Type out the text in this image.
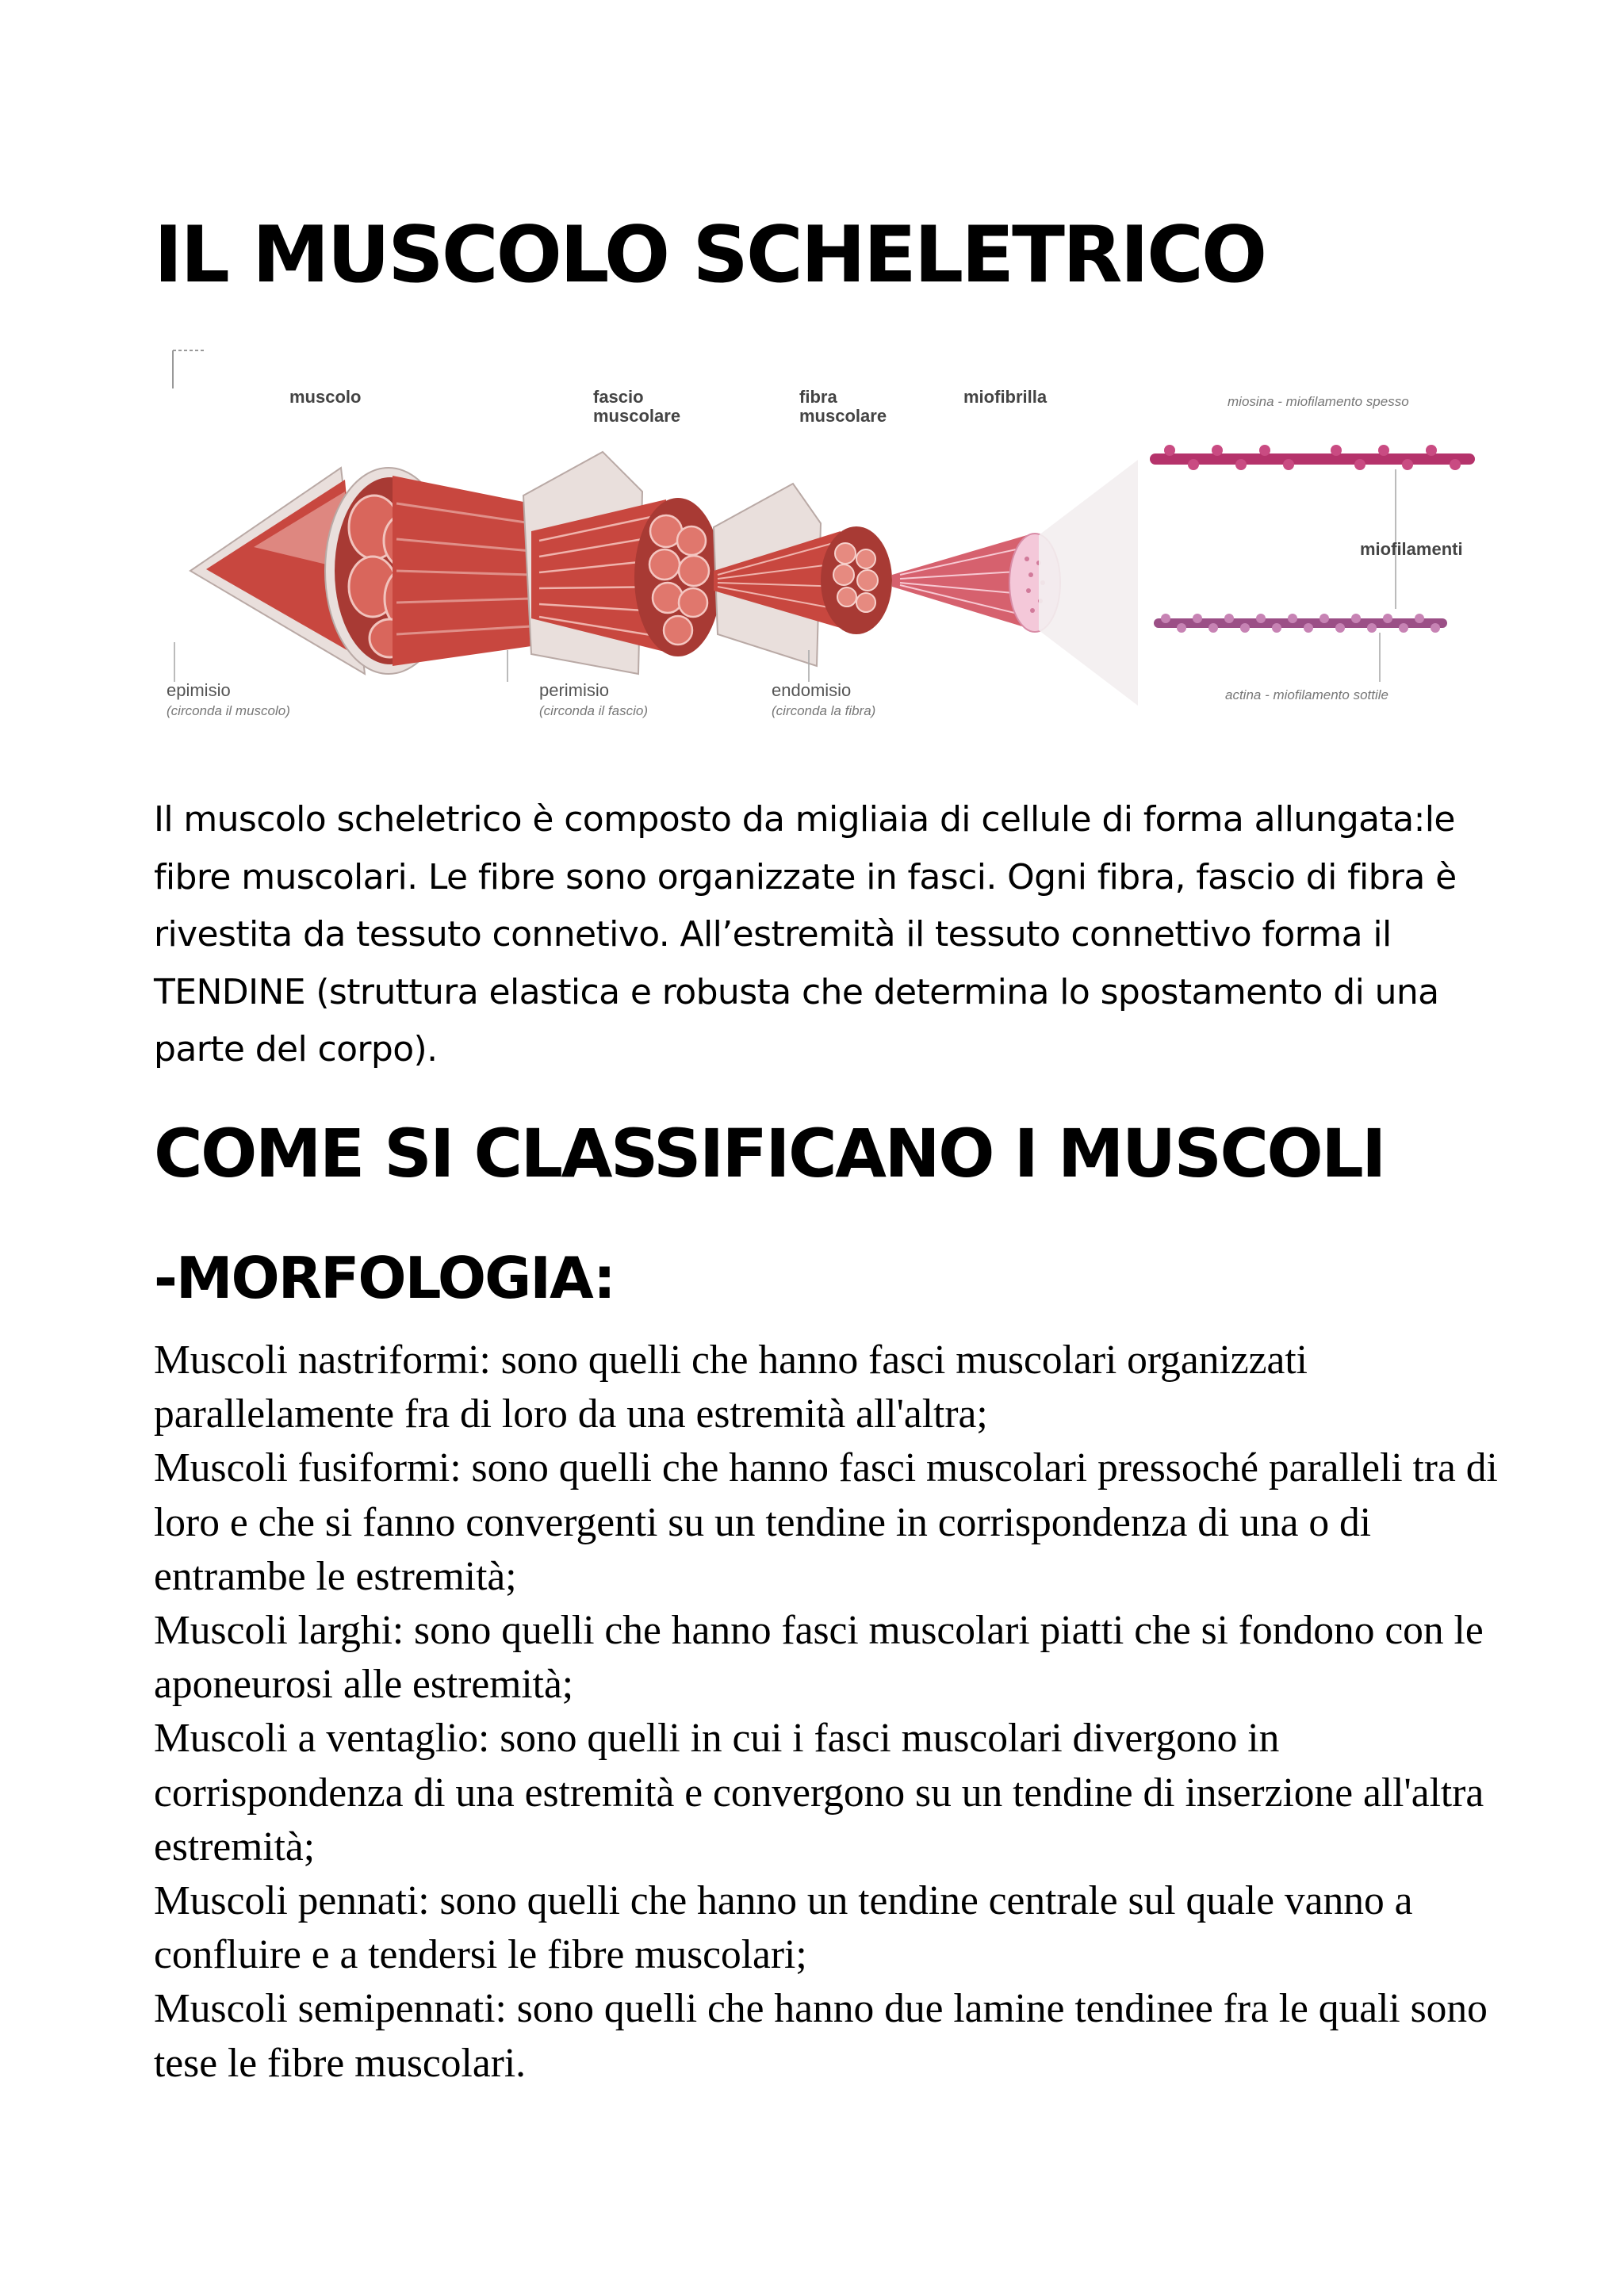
IL MUSCOLO SCHELETRICO
muscolo	fascio
muscolare
fibra
muscolare
miofibrilla	miosina - miofilamento spesso
miofilamenti
actina - miofilamento sottile
epimisio
(circonda il muscolo)
perimisio
(circonda il fascio)
endomisio
(circonda la fibra)

Il muscolo scheletrico è composto da migliaia di cellule di forma allungata:le fibre muscolari. Le fibre sono organizzate in fasci. Ogni fibra, fascio di fibra è rivestita da tessuto connetivo. All’estremità il tessuto connettivo forma il TENDINE (struttura elastica e robusta che determina lo spostamento di una parte del corpo).

COME SI CLASSIFICANO I MUSCOLI
-MORFOLOGIA:
Muscoli nastriformi: sono quelli che hanno fasci muscolari organizzati parallelamente fra di loro da una estremità all'altra;
Muscoli fusiformi: sono quelli che hanno fasci muscolari pressoché paralleli tra di loro e che si fanno convergenti su un tendine in corrispondenza di una o di entrambe le estremità;
Muscoli larghi: sono quelli che hanno fasci muscolari piatti che si fondono con le aponeurosi alle estremità;
Muscoli a ventaglio: sono quelli in cui i fasci muscolari divergono in corrispondenza di una estremità e convergono su un tendine di inserzione all'altra estremità;
Muscoli pennati: sono quelli che hanno un tendine centrale sul quale vanno a confluire e a tendersi le fibre muscolari;
Muscoli semipennati: sono quelli che hanno due lamine tendinee fra le quali sono tese le fibre muscolari.
